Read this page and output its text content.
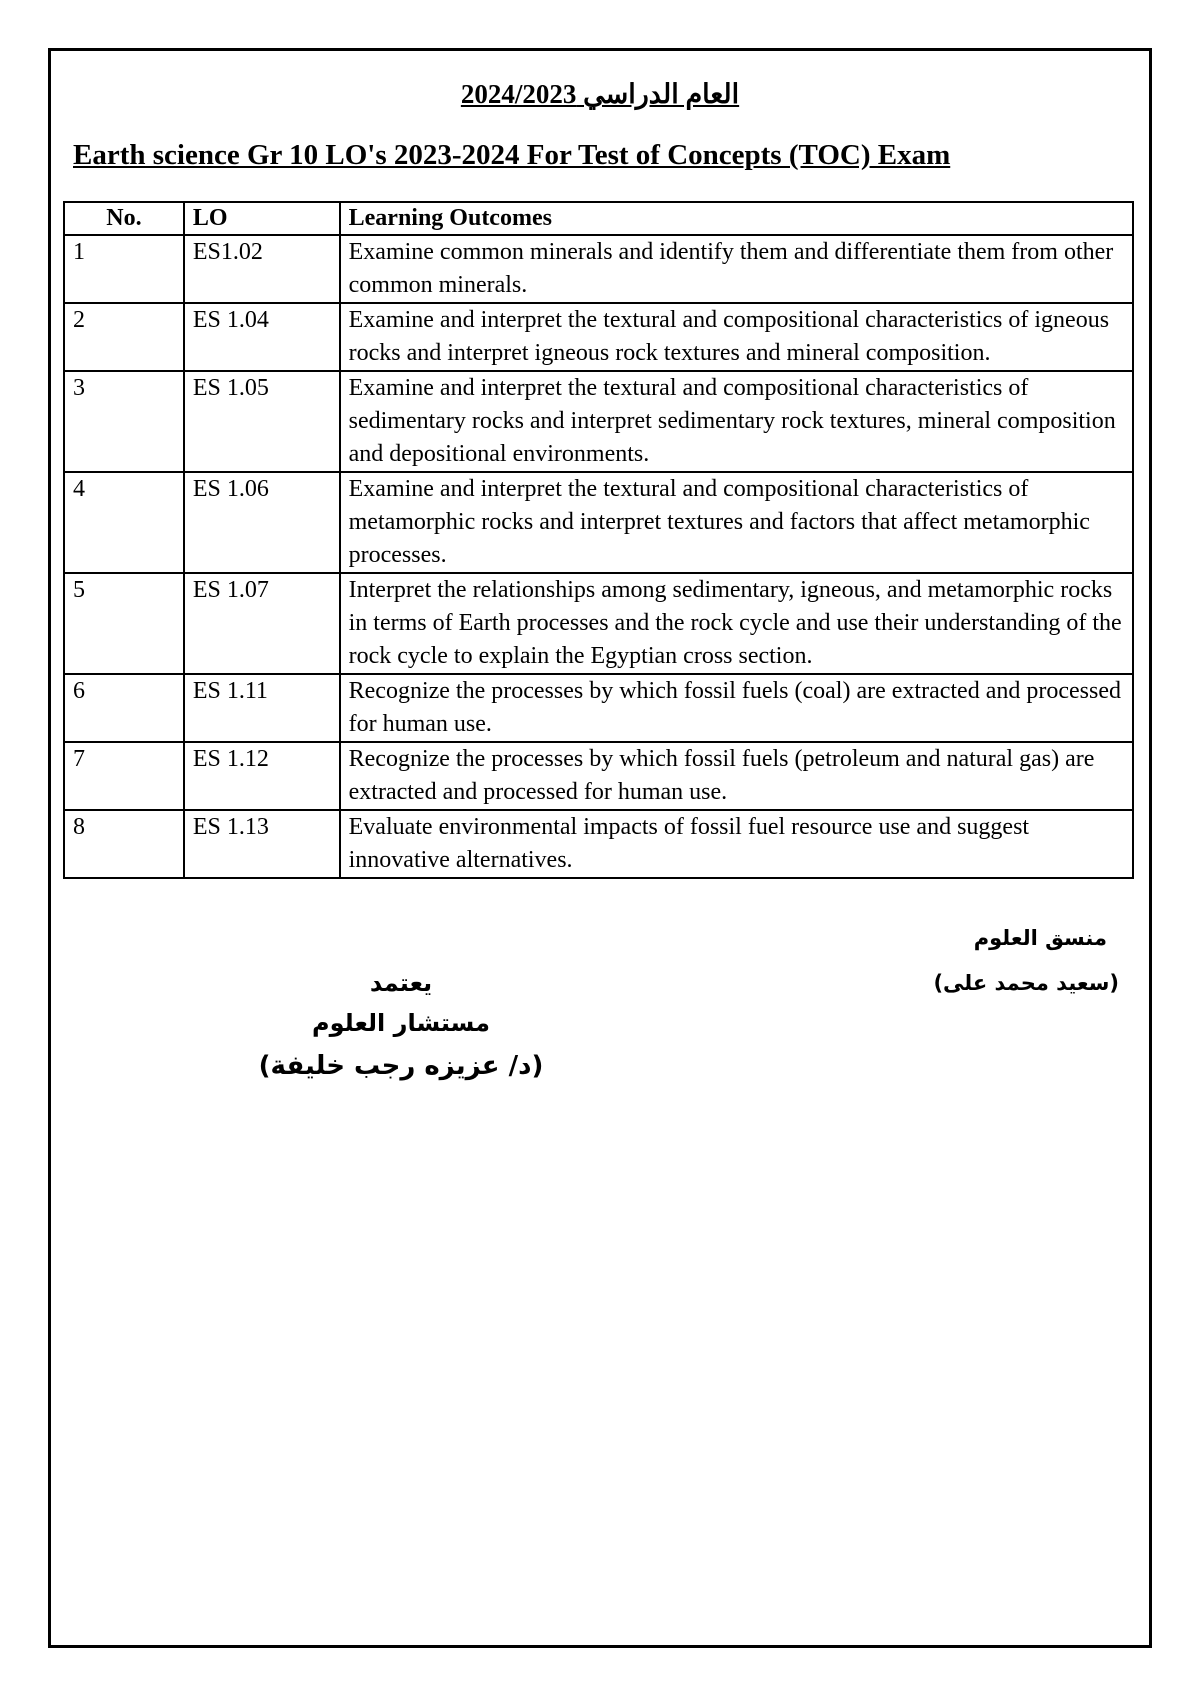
العام الدراسي 2024/2023
Earth science Gr 10 LO's 2023-2024 For Test of Concepts (TOC) Exam
No.	LO	Learning Outcomes
1	ES1.02	Examine common minerals and identify them and differentiate them from other common minerals.
2	ES 1.04	Examine and interpret the textural and compositional characteristics of igneous rocks and interpret igneous rock textures and mineral composition.
3	ES 1.05	Examine and interpret the textural and compositional characteristics of sedimentary rocks and interpret sedimentary rock textures, mineral composition and depositional environments.
4	ES 1.06	Examine and interpret the textural and compositional characteristics of metamorphic rocks and interpret textures and factors that affect metamorphic processes.
5	ES 1.07	Interpret the relationships among sedimentary, igneous, and metamorphic rocks in terms of Earth processes and the rock cycle and use their understanding of the rock cycle to explain the Egyptian cross section.
6	ES 1.11	Recognize the processes by which fossil fuels (coal) are extracted and processed for human use.
7	ES 1.12	Recognize the processes by which fossil fuels (petroleum and natural gas) are extracted and processed for human use.
8	ES 1.13	Evaluate environmental impacts of fossil fuel resource use and suggest innovative alternatives.
منسق العلوم
(سعيد محمد على)
يعتمد
مستشار العلوم
(د/ عزيزه رجب خليفة)
